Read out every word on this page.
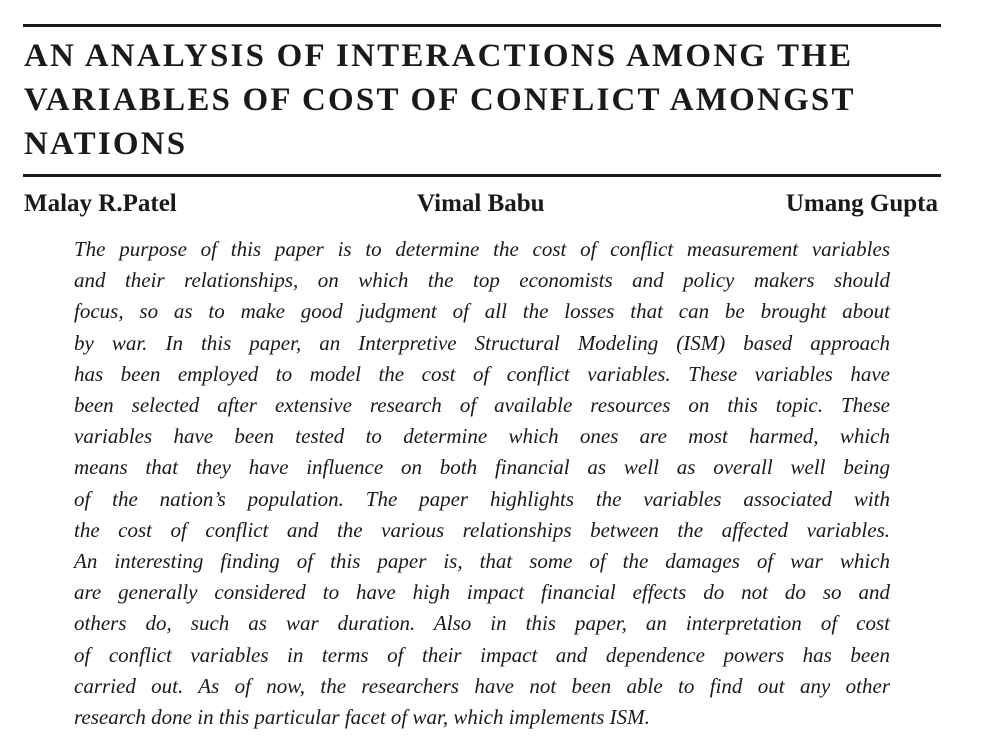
AN ANALYSIS OF INTERACTIONS AMONG THE
VARIABLES OF COST OF CONFLICT AMONGST
NATIONS
Malay R.Patel	Vimal Babu	Umang Gupta
The purpose of this paper is to determine the cost of conflict measurement variables
and their relationships, on which the top economists and policy makers should
focus, so as to make good judgment of all the losses that can be brought about
by war. In this paper, an Interpretive Structural Modeling (ISM) based approach
has been employed to model the cost of conflict variables. These variables have
been selected after extensive research of available resources on this topic. These
variables have been tested to determine which ones are most harmed, which
means that they have influence on both financial as well as overall well being
of the nation’s population. The paper highlights the variables associated with
the cost of conflict and the various relationships between the affected variables.
An interesting finding of this paper is, that some of the damages of war which
are generally considered to have high impact financial effects do not do so and
others do, such as war duration. Also in this paper, an interpretation of cost
of conflict variables in terms of their impact and dependence powers has been
carried out. As of now, the researchers have not been able to find out any other
research done in this particular facet of war, which implements ISM.
